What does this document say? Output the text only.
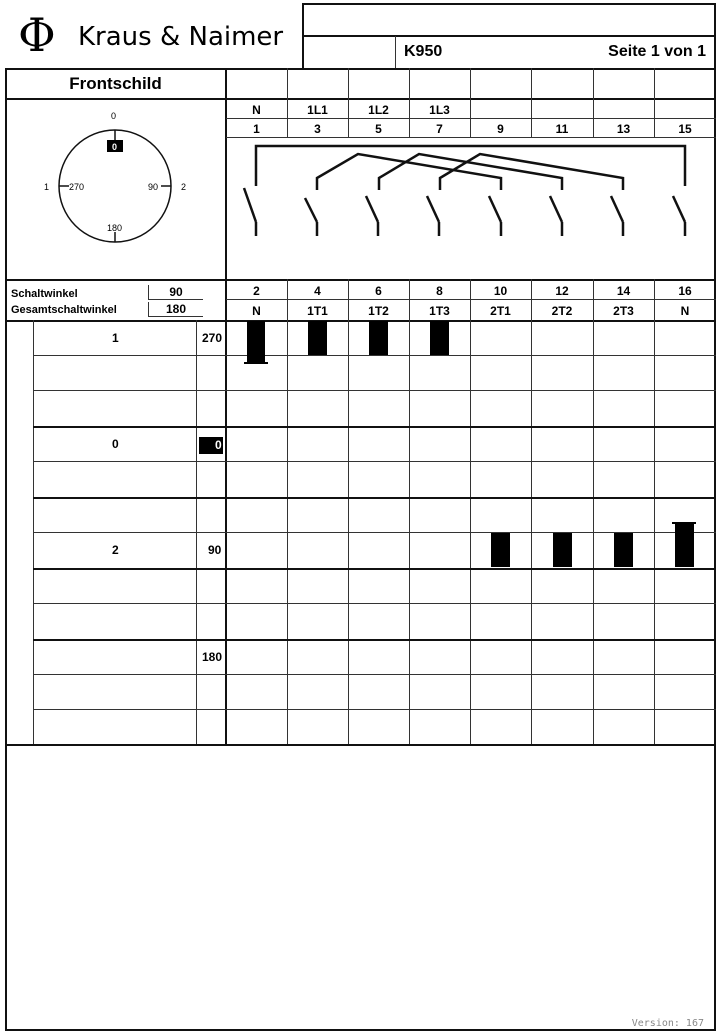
Φ Kraus & Naimer	K950	Seite 1 von 1
Frontschild
0
0
180
1 270	90	2
Schaltwinkel	90
Gesamtschaltwinkel	180
N	1L1	1L2	1L3
1	3	5	7	9	11	13	15
2	4	6	8	10	12	14	16
N	1T1	1T2	1T3	2T1	2T2	2T3	N
1	270
0	0
2	90
180
Version: 167
